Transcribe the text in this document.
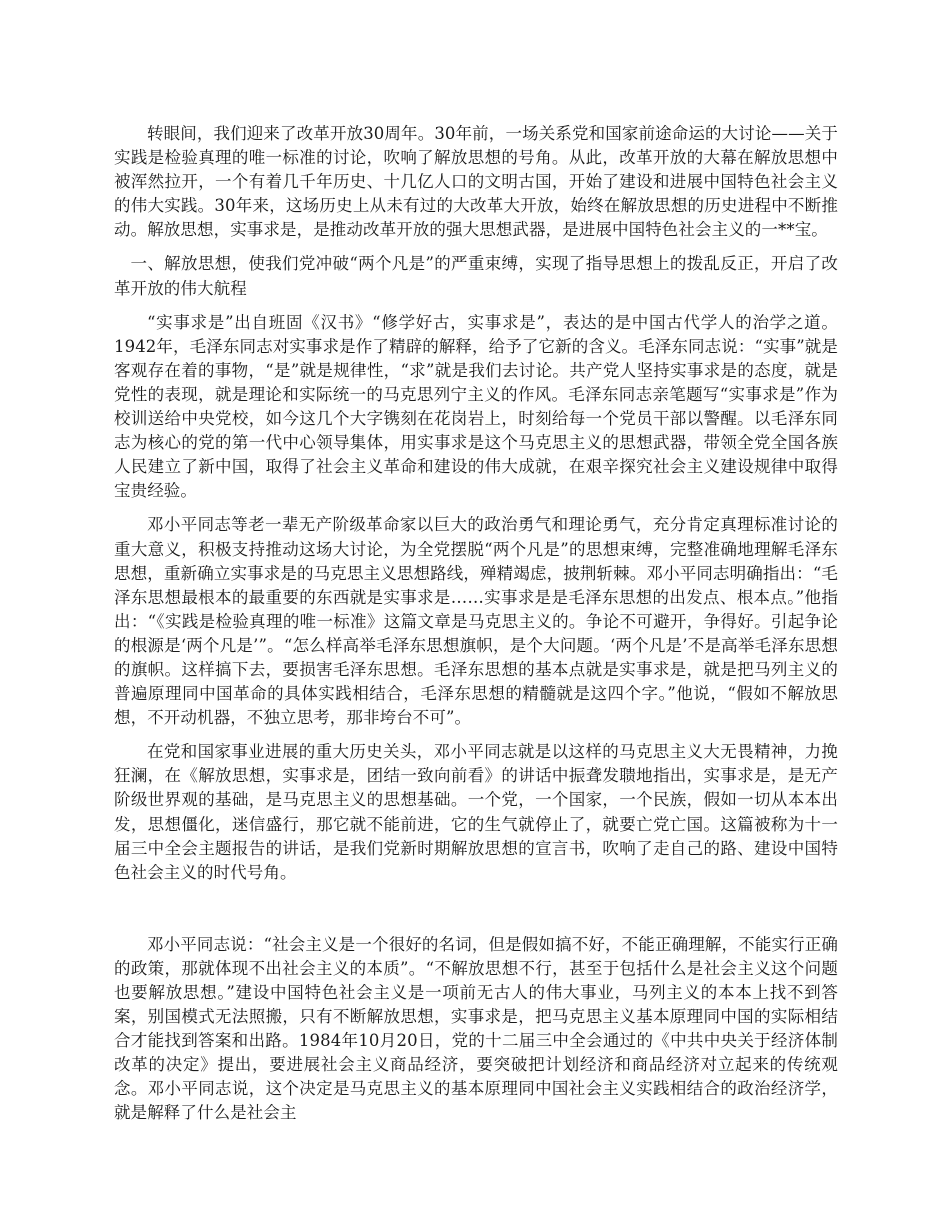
转眼间，我们迎来了改革开放30周年。30年前，一场关系党和国家前途命运的大讨论——关于实践是检验真理的唯一标准的讨论，吹响了解放思想的号角。从此，改革开放的大幕在解放思想中被浑然拉开，一个有着几千年历史、十几亿人口的文明古国，开始了建设和进展中国特色社会主义的伟大实践。30年来，这场历史上从未有过的大改革大开放，始终在解放思想的历史进程中不断推动。解放思想，实事求是，是推动改革开放的强大思想武器，是进展中国特色社会主义的一**宝。

一、解放思想，使我们党冲破“两个凡是”的严重束缚，实现了指导思想上的拨乱反正，开启了改革开放的伟大航程

“实事求是”出自班固《汉书》“修学好古，实事求是”，表达的是中国古代学人的治学之道。1942年，毛泽东同志对实事求是作了精辟的解释，给予了它新的含义。毛泽东同志说：“实事”就是客观存在着的事物，“是”就是规律性，“求”就是我们去讨论。共产党人坚持实事求是的态度，就是党性的表现，就是理论和实际统一的马克思列宁主义的作风。毛泽东同志亲笔题写“实事求是”作为校训送给中央党校，如今这几个大字镌刻在花岗岩上，时刻给每一个党员干部以警醒。以毛泽东同志为核心的党的第一代中心领导集体，用实事求是这个马克思主义的思想武器，带领全党全国各族人民建立了新中国，取得了社会主义革命和建设的伟大成就，在艰辛探究社会主义建设规律中取得宝贵经验。

邓小平同志等老一辈无产阶级革命家以巨大的政治勇气和理论勇气，充分肯定真理标准讨论的重大意义，积极支持推动这场大讨论，为全党摆脱“两个凡是”的思想束缚，完整准确地理解毛泽东思想，重新确立实事求是的马克思主义思想路线，殚精竭虑，披荆斩棘。邓小平同志明确指出：“毛泽东思想最根本的最重要的东西就是实事求是……实事求是是毛泽东思想的出发点、根本点。”他指出：“《实践是检验真理的唯一标准》这篇文章是马克思主义的。争论不可避开，争得好。引起争论的根源是‘两个凡是’”。“怎么样高举毛泽东思想旗帜，是个大问题。‘两个凡是’不是高举毛泽东思想的旗帜。这样搞下去，要损害毛泽东思想。毛泽东思想的基本点就是实事求是，就是把马列主义的普遍原理同中国革命的具体实践相结合，毛泽东思想的精髓就是这四个字。”他说，“假如不解放思想，不开动机器，不独立思考，那非垮台不可”。

在党和国家事业进展的重大历史关头，邓小平同志就是以这样的马克思主义大无畏精神，力挽狂澜，在《解放思想，实事求是，团结一致向前看》的讲话中振聋发聩地指出，实事求是，是无产阶级世界观的基础，是马克思主义的思想基础。一个党，一个国家，一个民族，假如一切从本本出发，思想僵化，迷信盛行，那它就不能前进，它的生气就停止了，就要亡党亡国。这篇被称为十一届三中全会主题报告的讲话，是我们党新时期解放思想的宣言书，吹响了走自己的路、建设中国特色社会主义的时代号角。

邓小平同志说：“社会主义是一个很好的名词，但是假如搞不好，不能正确理解，不能实行正确的政策，那就体现不出社会主义的本质”。“不解放思想不行，甚至于包括什么是社会主义这个问题也要解放思想。”建设中国特色社会主义是一项前无古人的伟大事业，马列主义的本本上找不到答案，别国模式无法照搬，只有不断解放思想，实事求是，把马克思主义基本原理同中国的实际相结合才能找到答案和出路。1984年10月20日，党的十二届三中全会通过的《中共中央关于经济体制改革的决定》提出，要进展社会主义商品经济，要突破把计划经济和商品经济对立起来的传统观念。邓小平同志说，这个决定是马克思主义的基本原理同中国社会主义实践相结合的政治经济学，就是解释了什么是社会主
